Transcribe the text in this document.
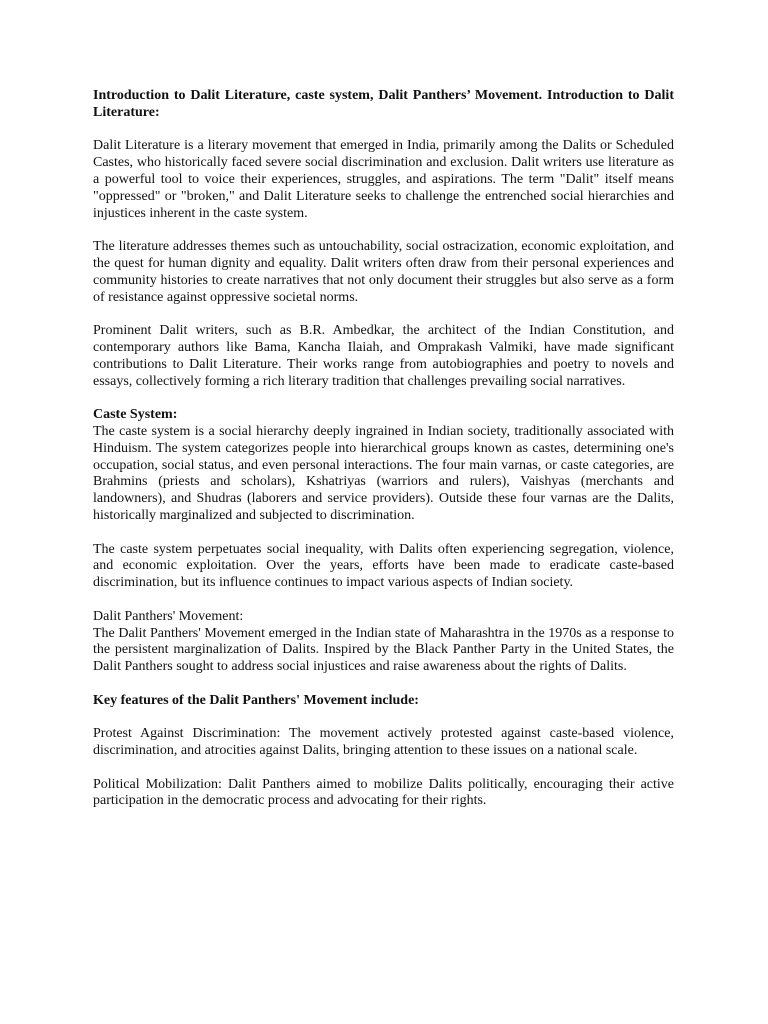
Introduction to Dalit Literature, caste system, Dalit Panthers’ Movement. Introduction to Dalit Literature:

Dalit Literature is a literary movement that emerged in India, primarily among the Dalits or Scheduled Castes, who historically faced severe social discrimination and exclusion. Dalit writers use literature as a powerful tool to voice their experiences, struggles, and aspirations. The term "Dalit" itself means "oppressed" or "broken," and Dalit Literature seeks to challenge the entrenched social hierarchies and injustices inherent in the caste system.

The literature addresses themes such as untouchability, social ostracization, economic exploitation, and the quest for human dignity and equality. Dalit writers often draw from their personal experiences and community histories to create narratives that not only document their struggles but also serve as a form of resistance against oppressive societal norms.

Prominent Dalit writers, such as B.R. Ambedkar, the architect of the Indian Constitution, and contemporary authors like Bama, Kancha Ilaiah, and Omprakash Valmiki, have made significant contributions to Dalit Literature. Their works range from autobiographies and poetry to novels and essays, collectively forming a rich literary tradition that challenges prevailing social narratives.

Caste System:

The caste system is a social hierarchy deeply ingrained in Indian society, traditionally associated with Hinduism. The system categorizes people into hierarchical groups known as castes, determining one's occupation, social status, and even personal interactions. The four main varnas, or caste categories, are Brahmins (priests and scholars), Kshatriyas (warriors and rulers), Vaishyas (merchants and landowners), and Shudras (laborers and service providers). Outside these four varnas are the Dalits, historically marginalized and subjected to discrimination.

The caste system perpetuates social inequality, with Dalits often experiencing segregation, violence, and economic exploitation. Over the years, efforts have been made to eradicate caste-based discrimination, but its influence continues to impact various aspects of Indian society.

Dalit Panthers' Movement:

The Dalit Panthers' Movement emerged in the Indian state of Maharashtra in the 1970s as a response to the persistent marginalization of Dalits. Inspired by the Black Panther Party in the United States, the Dalit Panthers sought to address social injustices and raise awareness about the rights of Dalits.

Key features of the Dalit Panthers' Movement include:

Protest Against Discrimination: The movement actively protested against caste-based violence, discrimination, and atrocities against Dalits, bringing attention to these issues on a national scale.

Political Mobilization: Dalit Panthers aimed to mobilize Dalits politically, encouraging their active participation in the democratic process and advocating for their rights.
